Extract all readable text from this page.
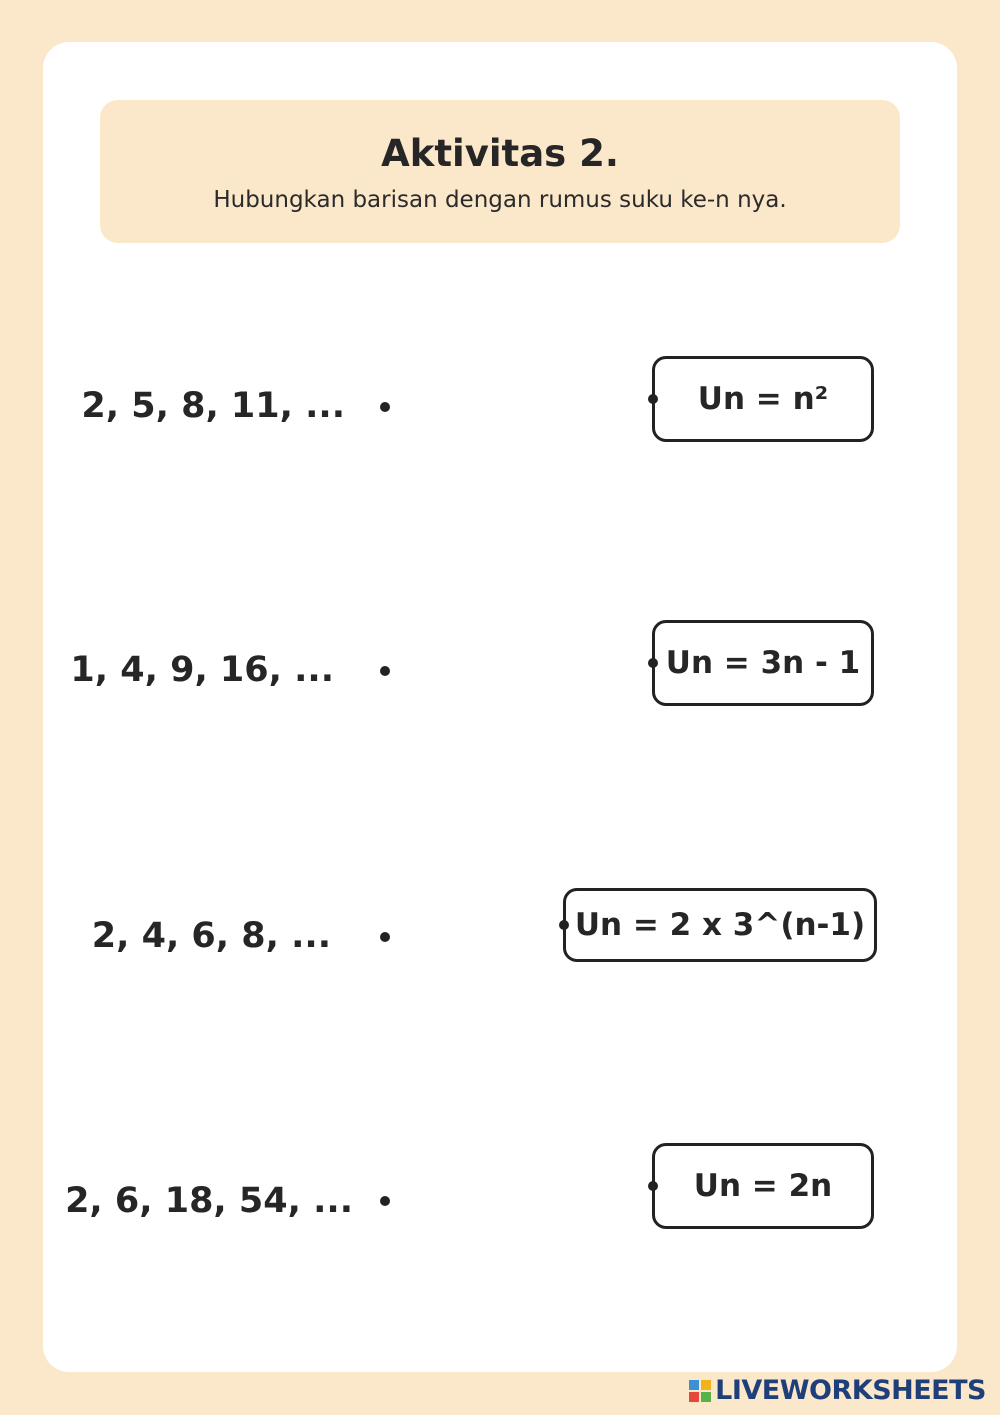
Aktivitas 2.
Hubungkan barisan dengan rumus suku ke-n nya.
2, 5, 8, 11, ...
1, 4, 9, 16, ...
2, 4, 6, 8, ...
2, 6, 18, 54, ...
Un = n²
Un = 3n - 1
Un = 2 x 3^(n-1)
Un = 2n
LIVEWORKSHEETS
